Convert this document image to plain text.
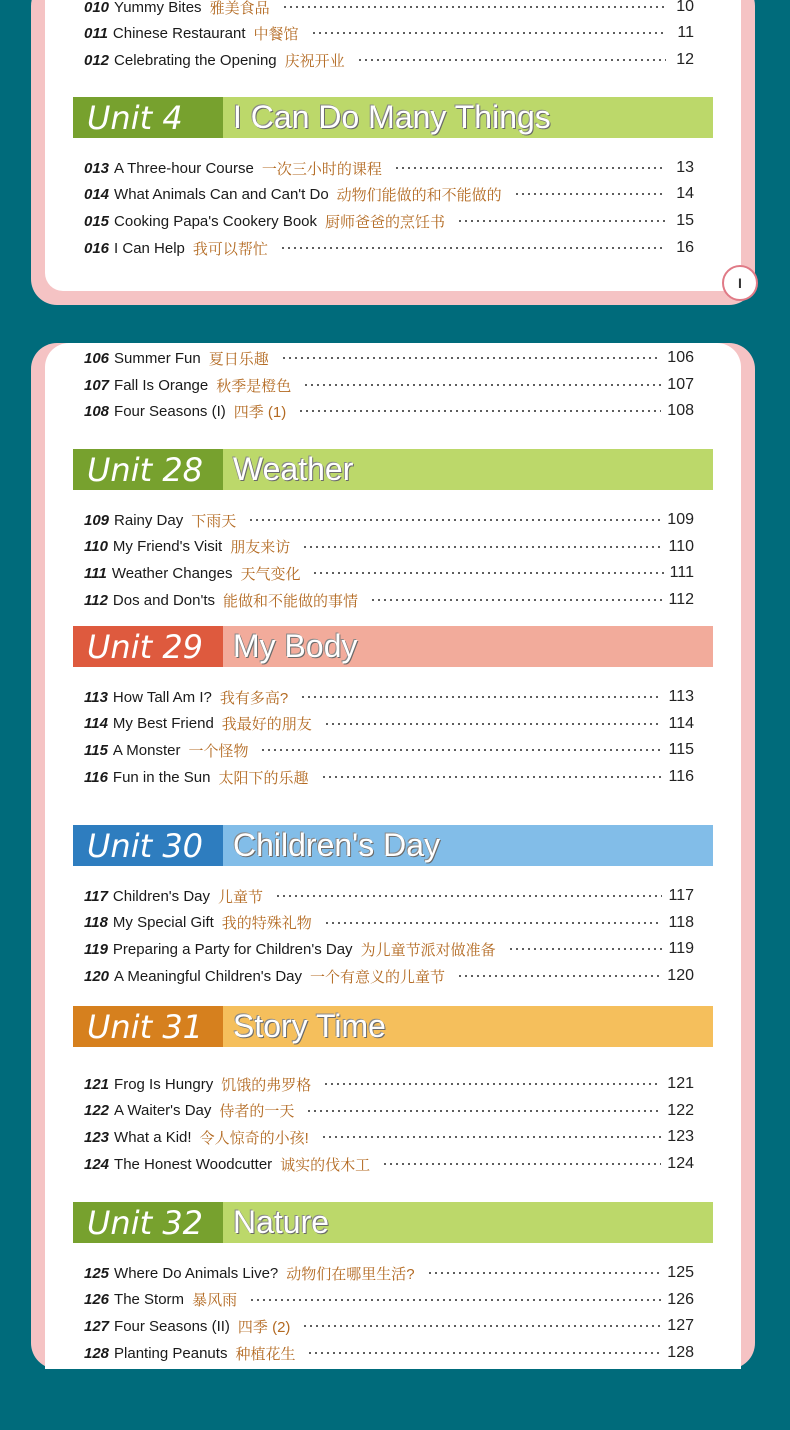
I
010 Yummy Bites 雅美食品	10
011 Chinese Restaurant 中餐馆	11
012 Celebrating the Opening 庆祝开业	12
Unit 4	I Can Do Many Things
013 A Three-hour Course 一次三小时的课程	13
014 What Animals Can and Can't Do 动物们能做的和不能做的	14
015 Cooking Papa's Cookery Book 厨师爸爸的烹饪书	15
016 I Can Help 我可以帮忙	16
106 Summer Fun 夏日乐趣	106
107 Fall Is Orange 秋季是橙色	107
108 Four Seasons (I) 四季 (1)	108
Unit 28 Weather
109 Rainy Day 下雨天	109
110 My Friend's Visit 朋友来访	110
111 Weather Changes 天气变化	111
112 Dos and Don'ts 能做和不能做的事情	112
Unit 29 My Body
113 How Tall Am I? 我有多高?	113
114 My Best Friend 我最好的朋友	114
115 A Monster 一个怪物	115
116 Fun in the Sun 太阳下的乐趣	116
Unit 30 Children's Day
117 Children's Day 儿童节	117
118 My Special Gift 我的特殊礼物	118
119 Preparing a Party for Children's Day 为儿童节派对做准备	119
120 A Meaningful Children's Day 一个有意义的儿童节	120
Unit 31 Story Time
121 Frog Is Hungry 饥饿的弗罗格	121
122 A Waiter's Day 侍者的一天	122
123 What a Kid! 令人惊奇的小孩!	123
124 The Honest Woodcutter 诚实的伐木工	124
Unit 32 Nature
125 Where Do Animals Live? 动物们在哪里生活?	125
126 The Storm 暴风雨	126
127 Four Seasons (II) 四季 (2)	127
128 Planting Peanuts 种植花生	128
